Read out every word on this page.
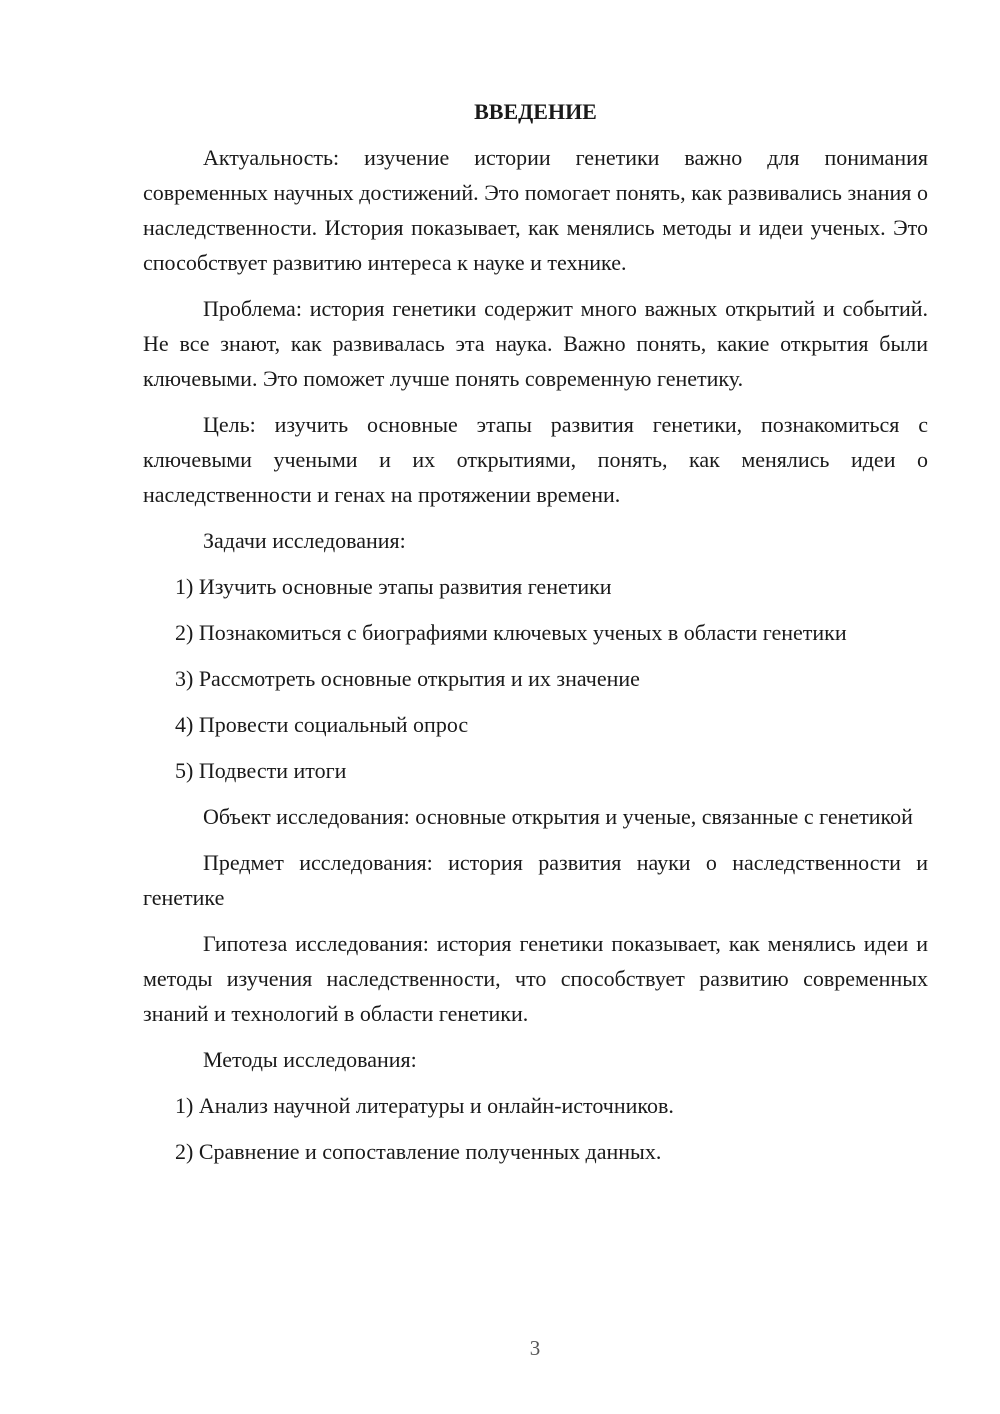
ВВЕДЕНИЕ

Актуальность: изучение истории генетики важно для понимания современных научных достижений. Это помогает понять, как развивались знания о наследственности. История показывает, как менялись методы и идеи ученых. Это способствует развитию интереса к науке и технике.

Проблема: история генетики содержит много важных открытий и событий. Не все знают, как развивалась эта наука. Важно понять, какие открытия были ключевыми. Это поможет лучше понять современную генетику.

Цель: изучить основные этапы развития генетики, познакомиться с ключевыми учеными и их открытиями, понять, как менялись идеи о наследственности и генах на протяжении времени.

Задачи исследования:

1) Изучить основные этапы развития генетики

2) Познакомиться с биографиями ключевых ученых в области генетики

3) Рассмотреть основные открытия и их значение

4) Провести социальный опрос

5) Подвести итоги

Объект исследования: основные открытия и ученые, связанные с генетикой

Предмет исследования: история развития науки о наследственности и генетике

Гипотеза исследования: история генетики показывает, как менялись идеи и методы изучения наследственности, что способствует развитию современных знаний и технологий в области генетики.

Методы исследования:

1) Анализ научной литературы и онлайн-источников.

2) Сравнение и сопоставление полученных данных.

3
